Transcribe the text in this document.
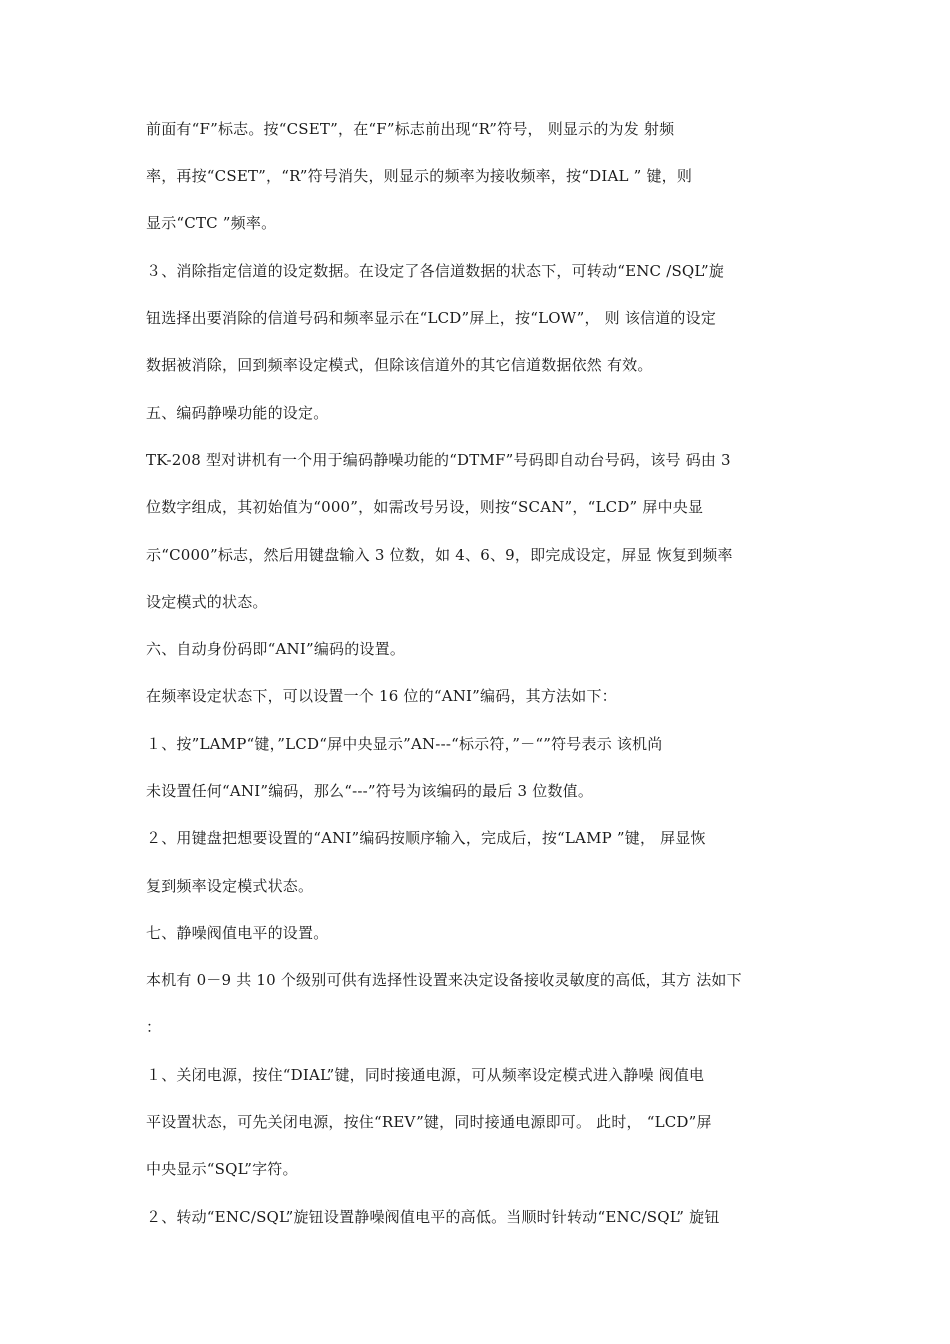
前面有“F”标志。按“CSET”，在“F”标志前出现“R”符号， 则显示的为发 射频
率，再按“CSET”，“R”符号消失，则显示的频率为接收频率，按“DIAL ” 键，则
显示“CTC ”频率。
３、消除指定信道的设定数据。在设定了各信道数据的状态下，可转动“ENC /SQL”旋
钮选择出要消除的信道号码和频率显示在“LCD”屏上，按“LOW”， 则 该信道的设定
数据被消除，回到频率设定模式，但除该信道外的其它信道数据依然 有效。
五、编码静噪功能的设定。
TK-208 型对讲机有一个用于编码静噪功能的“DTMF”号码即自动台号码，该号 码由 3
位数字组成，其初始值为“000”，如需改号另设，则按“SCAN”，“LCD” 屏中央显
示“C000”标志，然后用键盘输入 3 位数，如 4、6、9，即完成设定，屏显 恢复到频率
设定模式的状态。
六、自动身份码即“ANI”编码的设置。
在频率设定状态下，可以设置一个 16 位的“ANI”编码，其方法如下：
１、按”LAMP“键，”LCD“屏中央显示”AN---“标示符，”－“”符号表示 该机尚
未设置任何“ANI”编码，那么“---”符号为该编码的最后 3 位数值。
２、用键盘把想要设置的“ANI”编码按顺序输入，完成后，按“LAMP ”键， 屏显恢
复到频率设定模式状态。
七、静噪阀值电平的设置。
本机有 0－9 共 10 个级别可供有选择性设置来决定设备接收灵敏度的高低，其方 法如下
：
１、关闭电源，按住“DIAL”键，同时接通电源，可从频率设定模式进入静噪 阀值电
平设置状态，可先关闭电源，按住“REV”键，同时接通电源即可。 此时， “LCD”屏
中央显示“SQL”字符。
２、转动“ENC/SQL”旋钮设置静噪阀值电平的高低。当顺时针转动“ENC/SQL” 旋钮
